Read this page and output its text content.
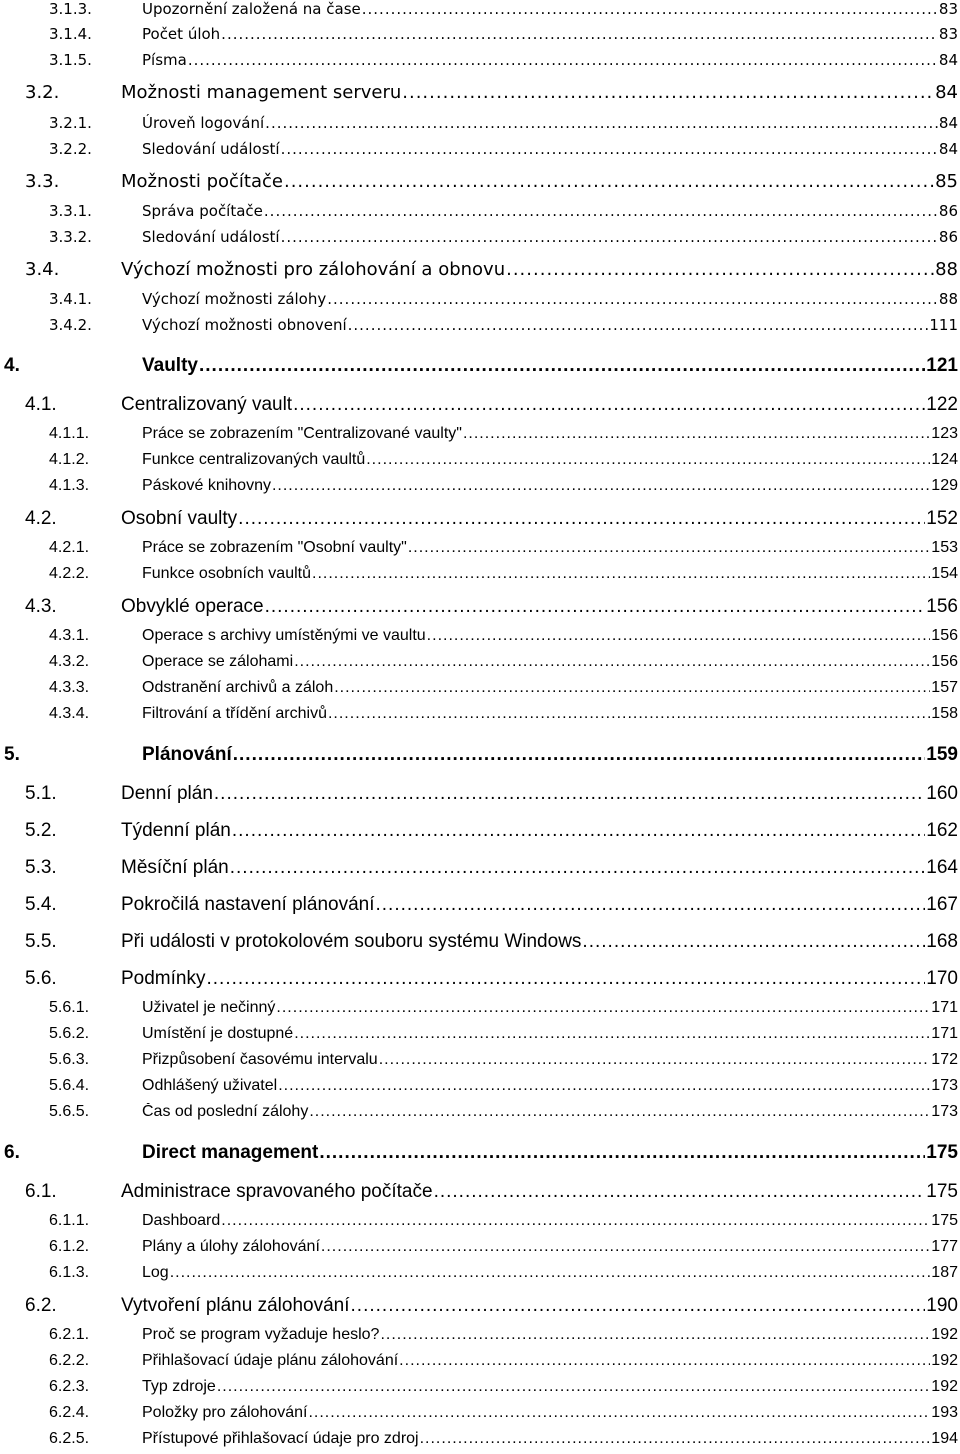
3.1.3.	Upozornění založená na čase .....	83
3.1.4.	Počet úloh .....	83
3.1.5.	Písma .....	84
3.2.	Možnosti management serveru .....	84
3.2.1.	Úroveň logování .....	84
3.2.2.	Sledování událostí .....	84
3.3.	Možnosti počítače .....	85
3.3.1.	Správa počítače .....	86
3.3.2.	Sledování událostí .....	86
3.4.	Výchozí možnosti pro zálohování a obnovu .....	88
3.4.1.	Výchozí možnosti zálohy .....	88
3.4.2.	Výchozí možnosti obnovení .....	111
4.	Vaulty .....	121
4.1.	Centralizovaný vault .....	122
4.1.1.	Práce se zobrazením "Centralizované vaulty" .....	123
4.1.2.	Funkce centralizovaných vaultů .....	124
4.1.3.	Páskové knihovny .....	129
4.2.	Osobní vaulty .....	152
4.2.1.	Práce se zobrazením "Osobní vaulty" .....	153
4.2.2.	Funkce osobních vaultů .....	154
4.3.	Obvyklé operace .....	156
4.3.1.	Operace s archivy umístěnými ve vaultu .....	156
4.3.2.	Operace se zálohami .....	156
4.3.3.	Odstranění archivů a záloh .....	157
4.3.4.	Filtrování a třídění archivů .....	158
5.	Plánování .....	159
5.1.	Denní plán .....	160
5.2.	Týdenní plán .....	162
5.3.	Měsíční plán .....	164
5.4.	Pokročilá nastavení plánování .....	167
5.5.	Při události v protokolovém souboru systému Windows .....	168
5.6.	Podmínky .....	170
5.6.1.	Uživatel je nečinný .....	171
5.6.2.	Umístění je dostupné .....	171
5.6.3.	Přizpůsobení časovému intervalu .....	172
5.6.4.	Odhlášený uživatel .....	173
5.6.5.	Čas od poslední zálohy .....	173
6.	Direct management .....	175
6.1.	Administrace spravovaného počítače .....	175
6.1.1.	Dashboard .....	175
6.1.2.	Plány a úlohy zálohování .....	177
6.1.3.	Log .....	187
6.2.	Vytvoření plánu zálohování .....	190
6.2.1.	Proč se program vyžaduje heslo? .....	192
6.2.2.	Přihlašovací údaje plánu zálohování .....	192
6.2.3.	Typ zdroje .....	192
6.2.4.	Položky pro zálohování .....	193
6.2.5.	Přístupové přihlašovací údaje pro zdroj .....	194
